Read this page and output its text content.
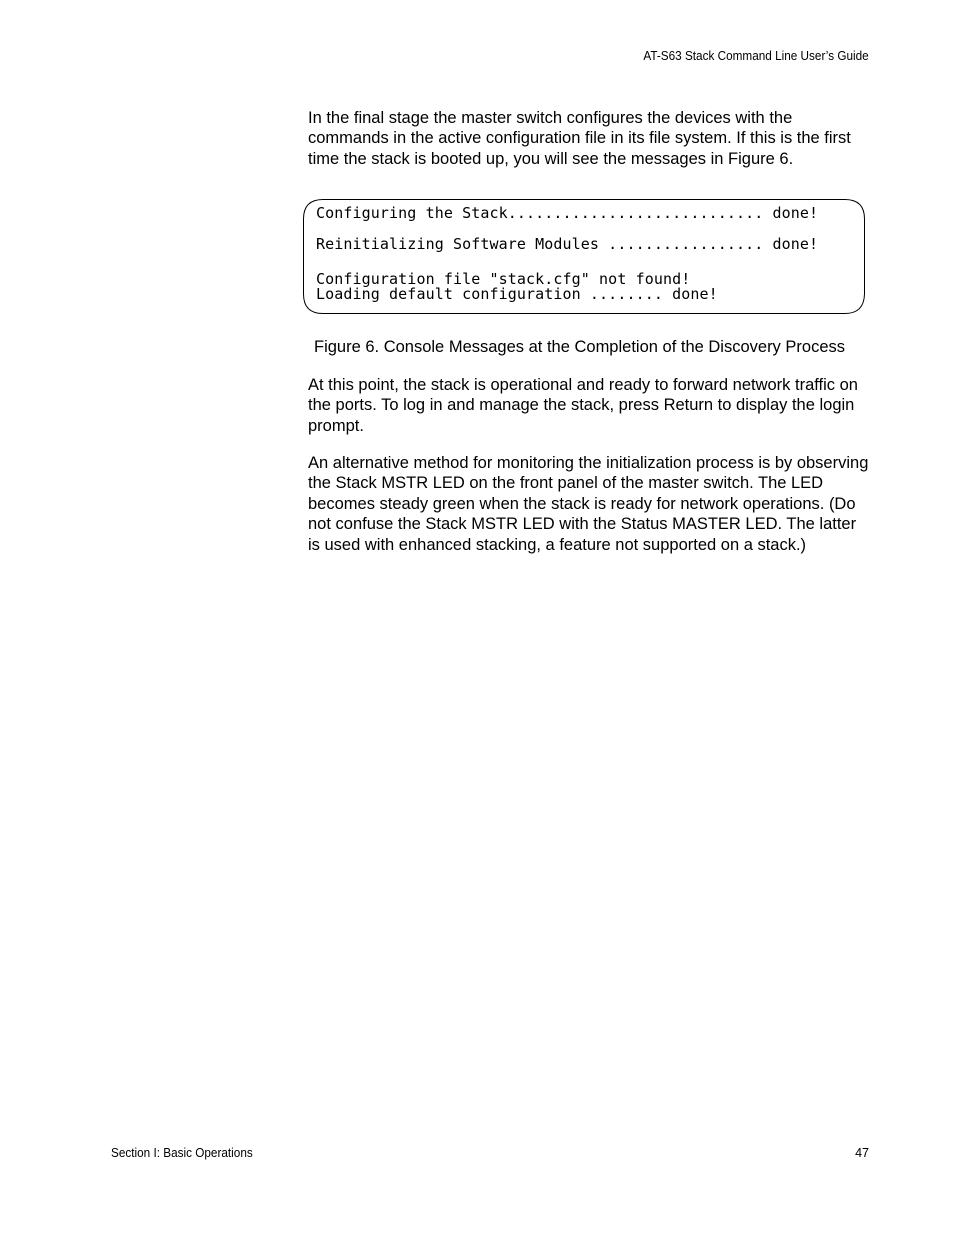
AT-S63 Stack Command Line User’s Guide

In the final stage the master switch configures the devices with the commands in the active configuration file in its file system. If this is the first time the stack is booted up, you will see the messages in Figure 6.

Configuring the Stack............................ done!
Reinitializing Software Modules ................. done!
Configuration file "stack.cfg" not found!
Loading default configuration ........ done!
Figure 6. Console Messages at the Completion of the Discovery Process

At this point, the stack is operational and ready to forward network traffic on the ports. To log in and manage the stack, press Return to display the login prompt.

An alternative method for monitoring the initialization process is by observing the Stack MSTR LED on the front panel of the master switch. The LED becomes steady green when the stack is ready for network operations. (Do not confuse the Stack MSTR LED with the Status MASTER LED. The latter is used with enhanced stacking, a feature not supported on a stack.)

Section I: Basic Operations	47
